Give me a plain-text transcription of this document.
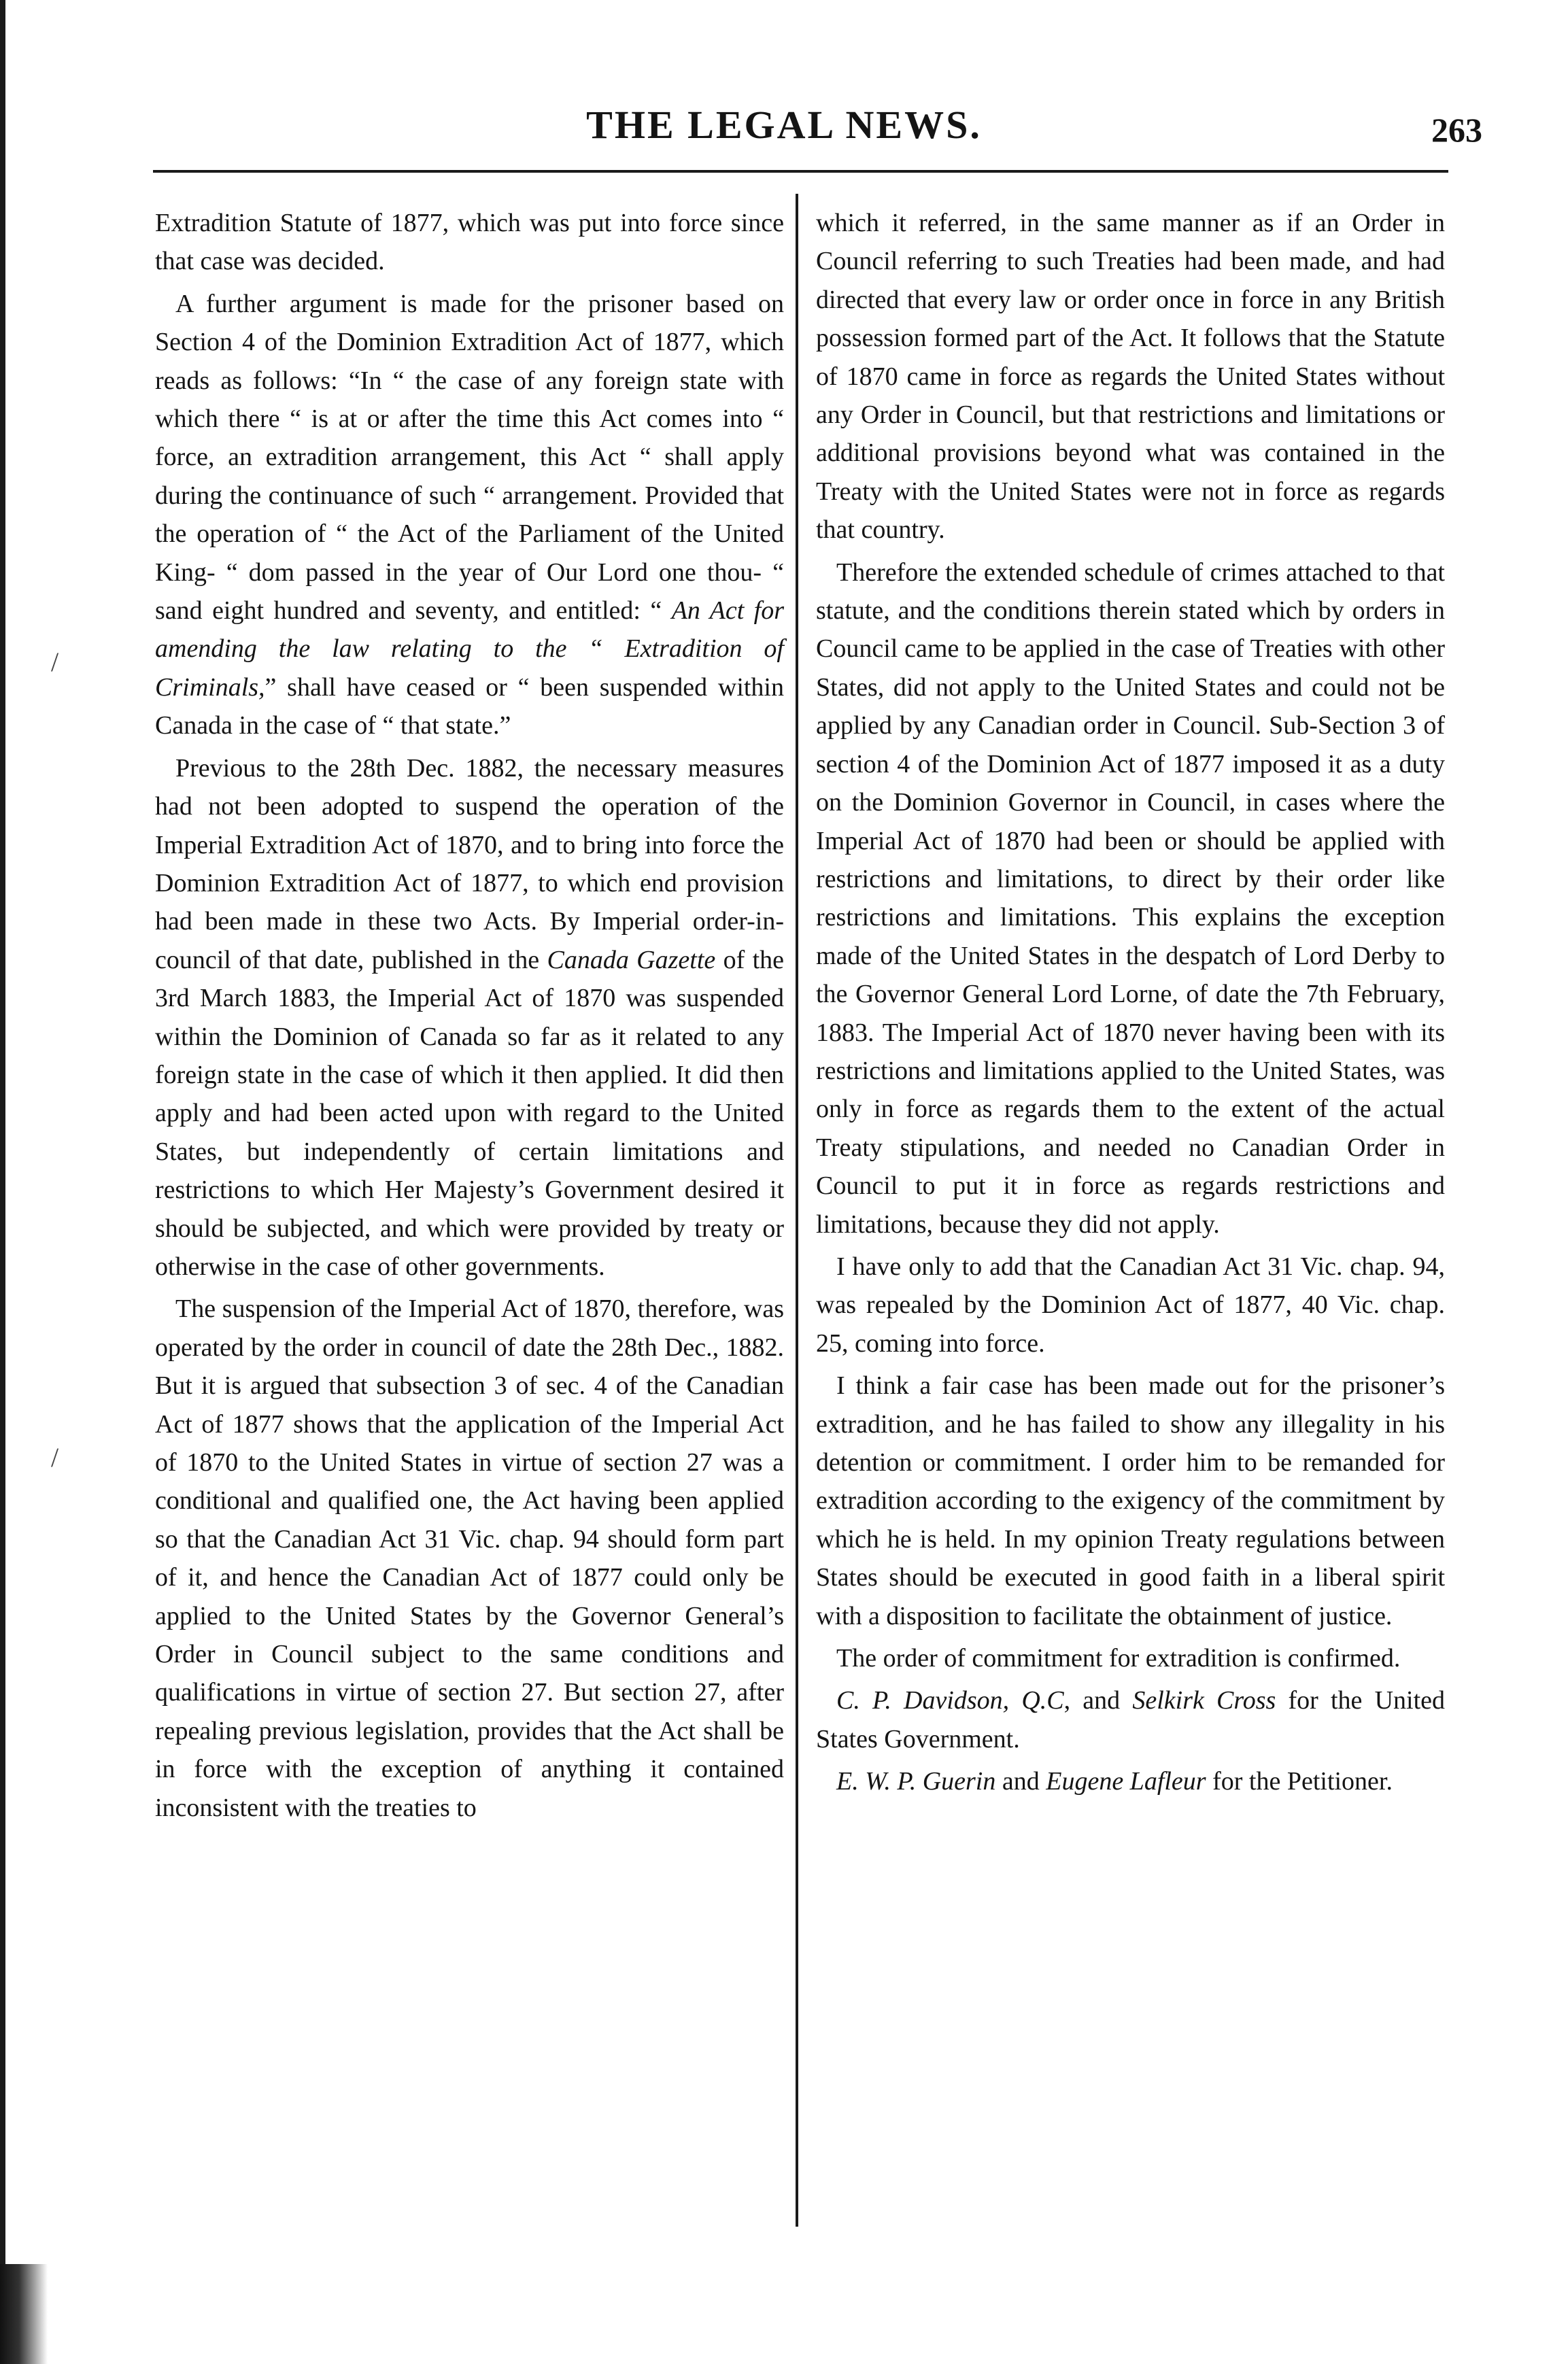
THE LEGAL NEWS.	263
/
/

Extradition Statute of 1877, which was put into force since that case was decided.

A further argument is made for the prisoner based on Section 4 of the Dominion Extradition Act of 1877, which reads as follows: “In “ the case of any foreign state with which there “ is at or after the time this Act comes into “ force, an extradition arrangement, this Act “ shall apply during the continuance of such “ arrangement. Provided that the operation of “ the Act of the Parliament of the United King- “ dom passed in the year of Our Lord one thou- “ sand eight hundred and seventy, and entitled: “ An Act for amending the law relating to the “ Extradition of Criminals,” shall have ceased or “ been suspended within Canada in the case of “ that state.”

Previous to the 28th Dec. 1882, the necessary measures had not been adopted to suspend the operation of the Imperial Extradition Act of 1870, and to bring into force the Dominion Extradition Act of 1877, to which end provision had been made in these two Acts. By Imperial order-in-council of that date, published in the Canada Gazette of the 3rd March 1883, the Imperial Act of 1870 was suspended within the Dominion of Canada so far as it related to any foreign state in the case of which it then applied. It did then apply and had been acted upon with regard to the United States, but independently of certain limitations and restrictions to which Her Majesty’s Government desired it should be subjected, and which were provided by treaty or otherwise in the case of other governments.

The suspension of the Imperial Act of 1870, therefore, was operated by the order in council of date the 28th Dec., 1882. But it is argued that subsection 3 of sec. 4 of the Canadian Act of 1877 shows that the application of the Imperial Act of 1870 to the United States in virtue of section 27 was a conditional and qualified one, the Act having been applied so that the Canadian Act 31 Vic. chap. 94 should form part of it, and hence the Canadian Act of 1877 could only be applied to the United States by the Governor General’s Order in Council subject to the same conditions and qualifications in virtue of section 27. But section 27, after repealing previous legislation, provides that the Act shall be in force with the exception of anything it contained inconsistent with the treaties to

which it referred, in the same manner as if an Order in Council referring to such Treaties had been made, and had directed that every law or order once in force in any British possession formed part of the Act. It follows that the Statute of 1870 came in force as regards the United States without any Order in Council, but that restrictions and limitations or additional provisions beyond what was contained in the Treaty with the United States were not in force as regards that country.

Therefore the extended schedule of crimes attached to that statute, and the conditions therein stated which by orders in Council came to be applied in the case of Treaties with other States, did not apply to the United States and could not be applied by any Canadian order in Council. Sub-Section 3 of section 4 of the Dominion Act of 1877 imposed it as a duty on the Dominion Governor in Council, in cases where the Imperial Act of 1870 had been or should be applied with restrictions and limitations, to direct by their order like restrictions and limitations. This explains the exception made of the United States in the despatch of Lord Derby to the Governor General Lord Lorne, of date the 7th February, 1883. The Imperial Act of 1870 never having been with its restrictions and limitations applied to the United States, was only in force as regards them to the extent of the actual Treaty stipulations, and needed no Canadian Order in Council to put it in force as regards restrictions and limitations, because they did not apply.

I have only to add that the Canadian Act 31 Vic. chap. 94, was repealed by the Dominion Act of 1877, 40 Vic. chap. 25, coming into force.

I think a fair case has been made out for the prisoner’s extradition, and he has failed to show any illegality in his detention or commitment. I order him to be remanded for extradition according to the exigency of the commitment by which he is held. In my opinion Treaty regulations between States should be executed in good faith in a liberal spirit with a disposition to facilitate the obtainment of justice.

The order of commitment for extradition is confirmed.

C. P. Davidson, Q.C, and Selkirk Cross for the United States Government.

E. W. P. Guerin and Eugene Lafleur for the Petitioner.
